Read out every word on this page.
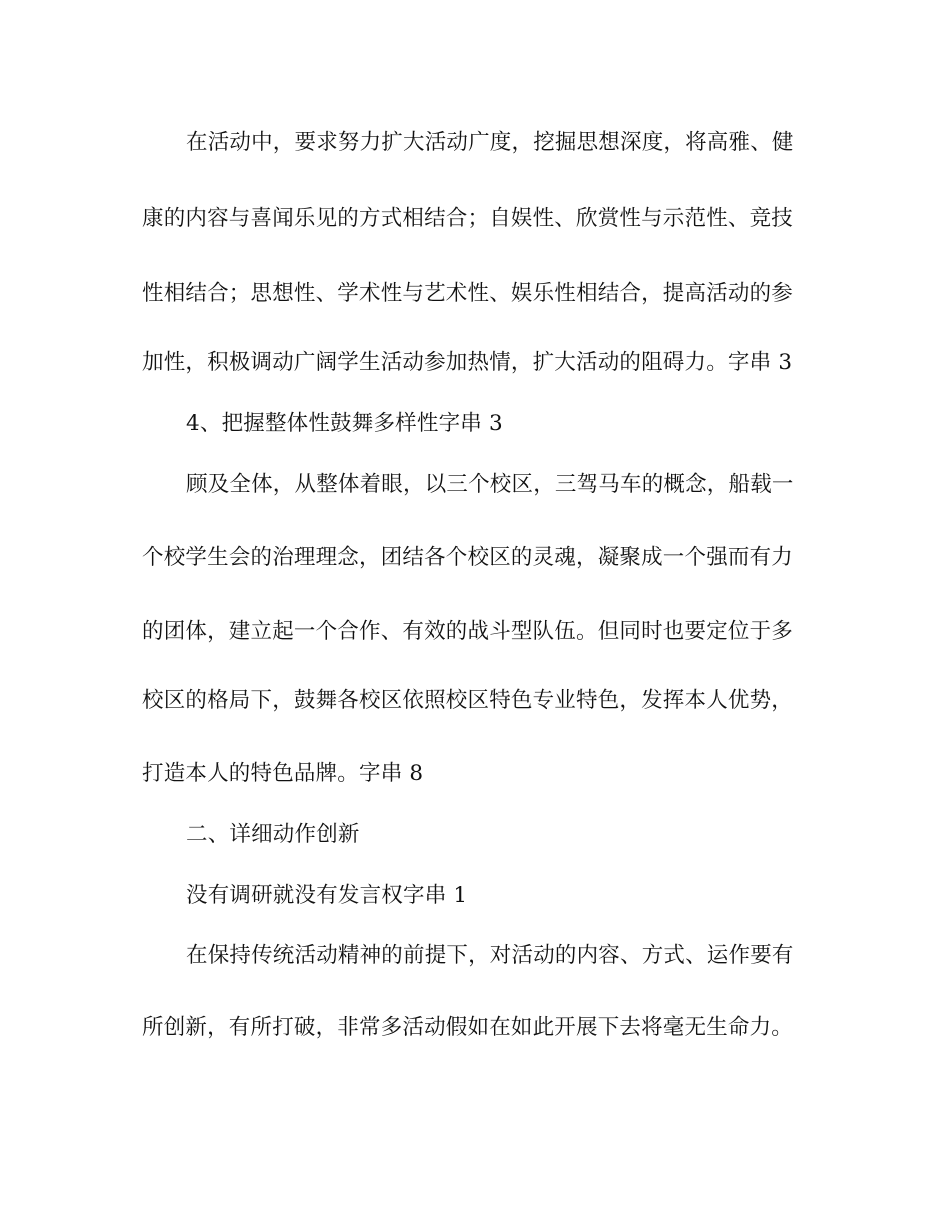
在活动中，要求努力扩大活动广度，挖掘思想深度，将高雅、健
康的内容与喜闻乐见的方式相结合；自娱性、欣赏性与示范性、竞技
性相结合；思想性、学术性与艺术性、娱乐性相结合，提高活动的参
加性，积极调动广阔学生活动参加热情，扩大活动的阻碍力。字串 3
4、把握整体性鼓舞多样性字串 3
顾及全体，从整体着眼，以三个校区，三驾马车的概念，船载一
个校学生会的治理理念，团结各个校区的灵魂，凝聚成一个强而有力
的团体，建立起一个合作、有效的战斗型队伍。但同时也要定位于多
校区的格局下，鼓舞各校区依照校区特色专业特色，发挥本人优势，
打造本人的特色品牌。字串 8
二、详细动作创新
没有调研就没有发言权字串 1
在保持传统活动精神的前提下，对活动的内容、方式、运作要有
所创新，有所打破，非常多活动假如在如此开展下去将毫无生命力。
